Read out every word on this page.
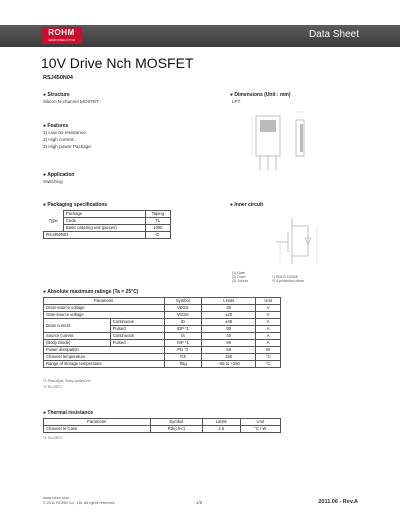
ROHM
SEMICONDUCTOR	Data Sheet
10V Drive Nch MOSFET
RSJ450N04
● Structure
Silicon N-channel MOSFET
● Dimensions (Unit : mm)
LPT
● Features
1) Low on-resistance.
2) High current.
3) High power Package.
● Application
Switching
● Packaging specifications
	Package	Taping
Type	Code	TL
	Basic ordering unit (pieces)	1000
RSJ450N04		O
● Inner circuit
(1) Gate
(2) Drain
(3) Source
*1 BODY DIODE
*2 A protection diode
● Absolute maximum ratings (Ta = 25°C)
Parameter		Symbol	Limits	Unit
Drain-source voltage		VDSS	40	V
Gate-source voltage		VGSS	±20	V
Drain current	Continuous	ID	±45	A
	Pulsed	IDP *1	90	A
Source current	Continuous	IS	40	A
(Body Diode)	Pulsed	ISP *1	90	A
Power dissipation		PD *2	50	W
Channel temperature		Tch	150	°C
Range of storage temperature		Tstg	−55 to +150	°C
*1 Pw≤10μs, Duty cycle≤1%
*2 Tc=25°C
● Thermal resistance
Parameter	Symbol	Limits	Unit
Channel to Case	Rth(ch-c)	2.5	°C / W
*1 Tc=25°C
www.rohm.com
© 2011 ROHM Co., Ltd. All rights reserved.	1/5	2011.06 - Rev.A
